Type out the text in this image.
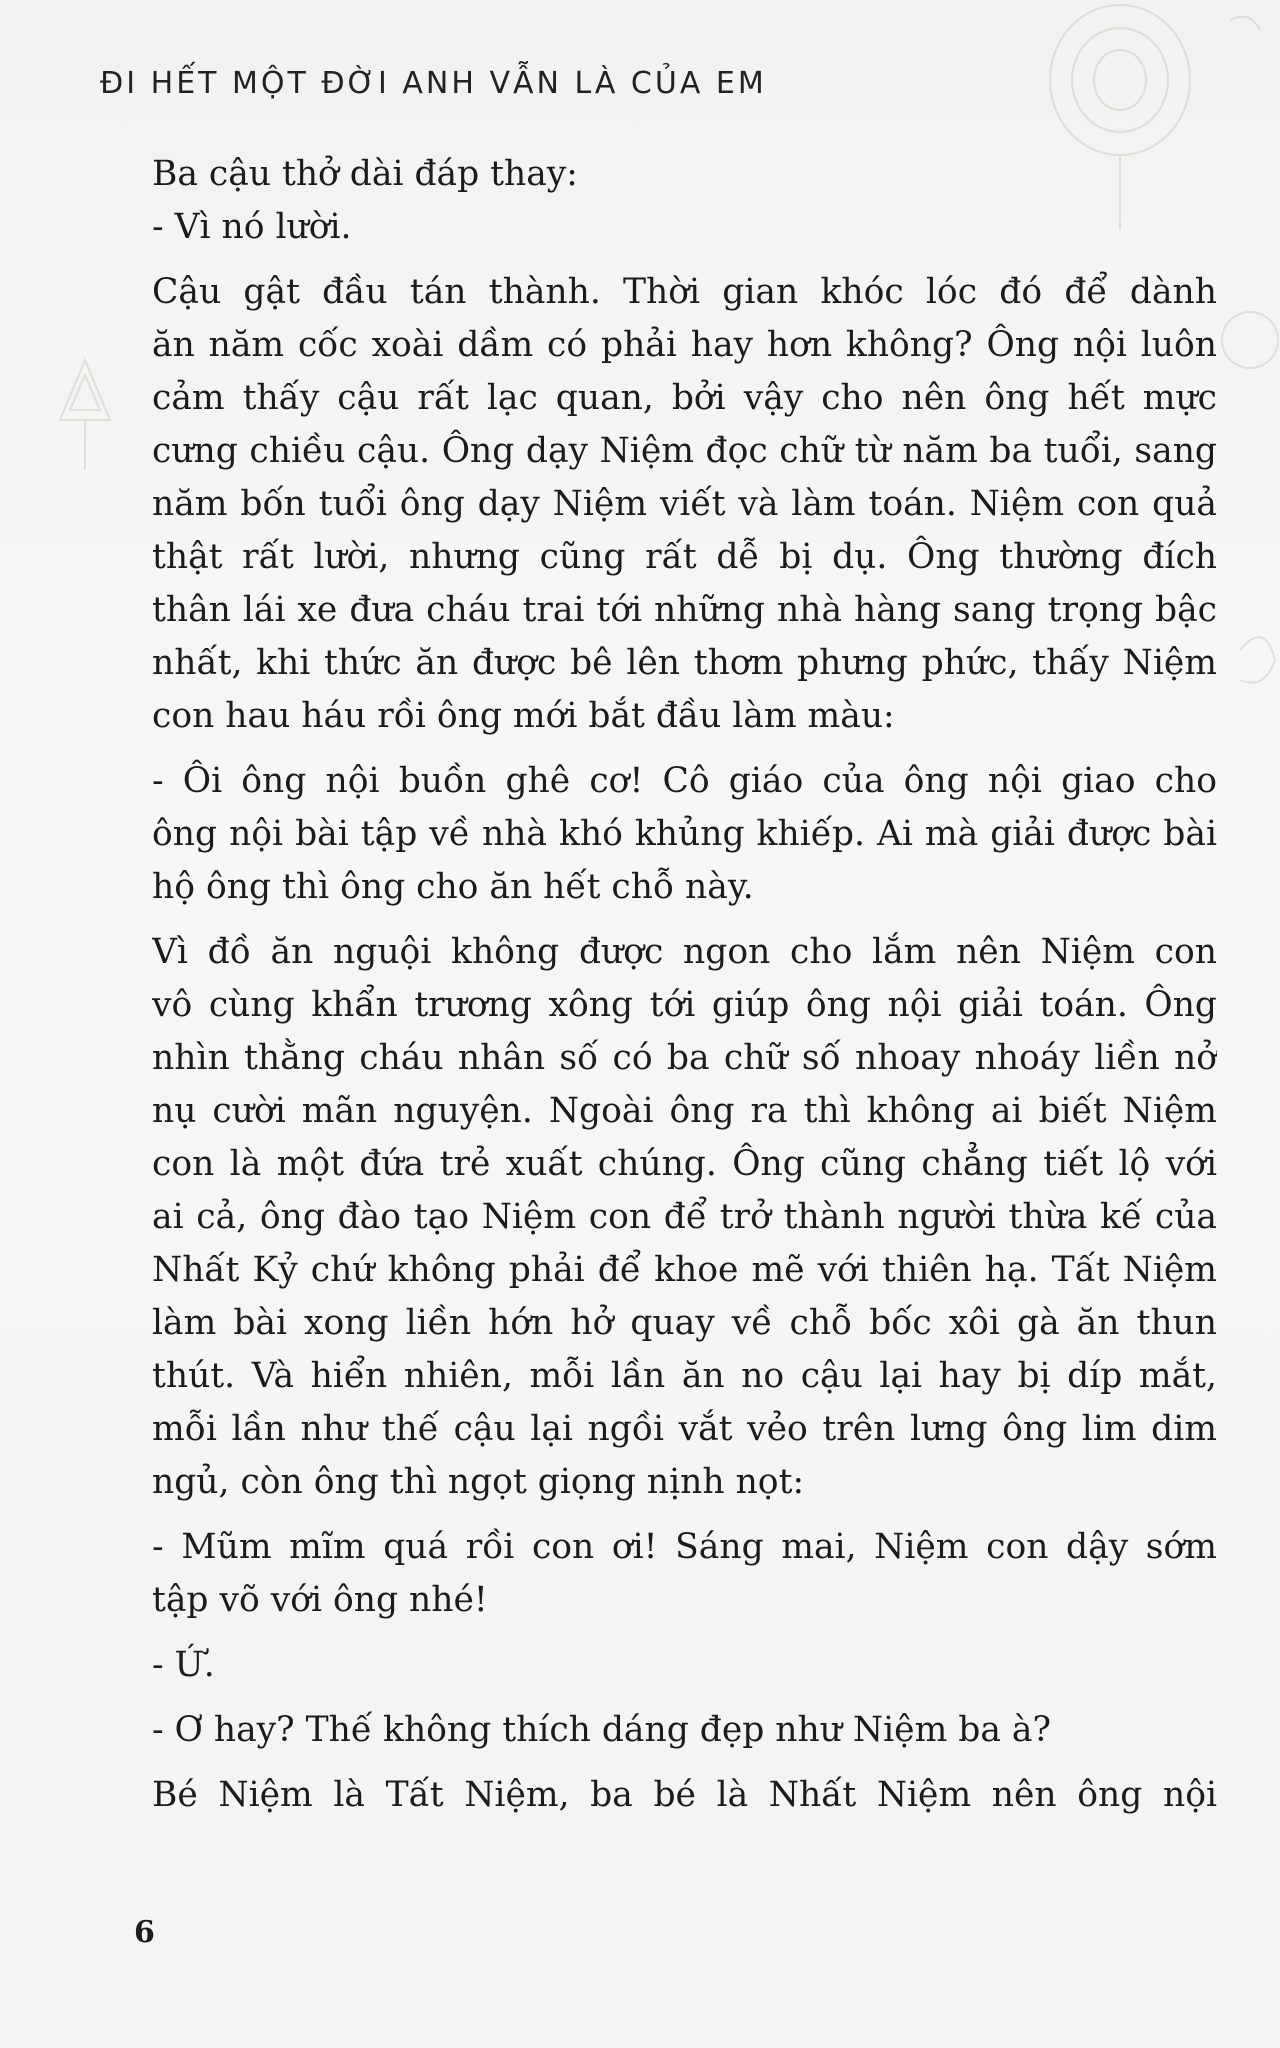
ĐI HẾT MỘT ĐỜI ANH VẪN LÀ CỦA EM
Ba cậu thở dài đáp thay:
- Vì nó lười.
Cậu gật đầu tán thành. Thời gian khóc lóc đó để dành
ăn năm cốc xoài dầm có phải hay hơn không? Ông nội luôn
cảm thấy cậu rất lạc quan, bởi vậy cho nên ông hết mực
cưng chiều cậu. Ông dạy Niệm đọc chữ từ năm ba tuổi, sang
năm bốn tuổi ông dạy Niệm viết và làm toán. Niệm con quả
thật rất lười, nhưng cũng rất dễ bị dụ. Ông thường đích
thân lái xe đưa cháu trai tới những nhà hàng sang trọng bậc
nhất, khi thức ăn được bê lên thơm phưng phức, thấy Niệm
con hau háu rồi ông mới bắt đầu làm màu:
- Ôi ông nội buồn ghê cơ! Cô giáo của ông nội giao cho
ông nội bài tập về nhà khó khủng khiếp. Ai mà giải được bài
hộ ông thì ông cho ăn hết chỗ này.
Vì đồ ăn nguội không được ngon cho lắm nên Niệm con
vô cùng khẩn trương xông tới giúp ông nội giải toán. Ông
nhìn thằng cháu nhân số có ba chữ số nhoay nhoáy liền nở
nụ cười mãn nguyện. Ngoài ông ra thì không ai biết Niệm
con là một đứa trẻ xuất chúng. Ông cũng chẳng tiết lộ với
ai cả, ông đào tạo Niệm con để trở thành người thừa kế của
Nhất Kỷ chứ không phải để khoe mẽ với thiên hạ. Tất Niệm
làm bài xong liền hớn hở quay về chỗ bốc xôi gà ăn thun
thút. Và hiển nhiên, mỗi lần ăn no cậu lại hay bị díp mắt,
mỗi lần như thế cậu lại ngồi vắt vẻo trên lưng ông lim dim
ngủ, còn ông thì ngọt giọng nịnh nọt:
- Mũm mĩm quá rồi con ơi! Sáng mai, Niệm con dậy sớm
tập võ với ông nhé!
- Ứ.
- Ơ hay? Thế không thích dáng đẹp như Niệm ba à?
Bé Niệm là Tất Niệm, ba bé là Nhất Niệm nên ông nội
6
